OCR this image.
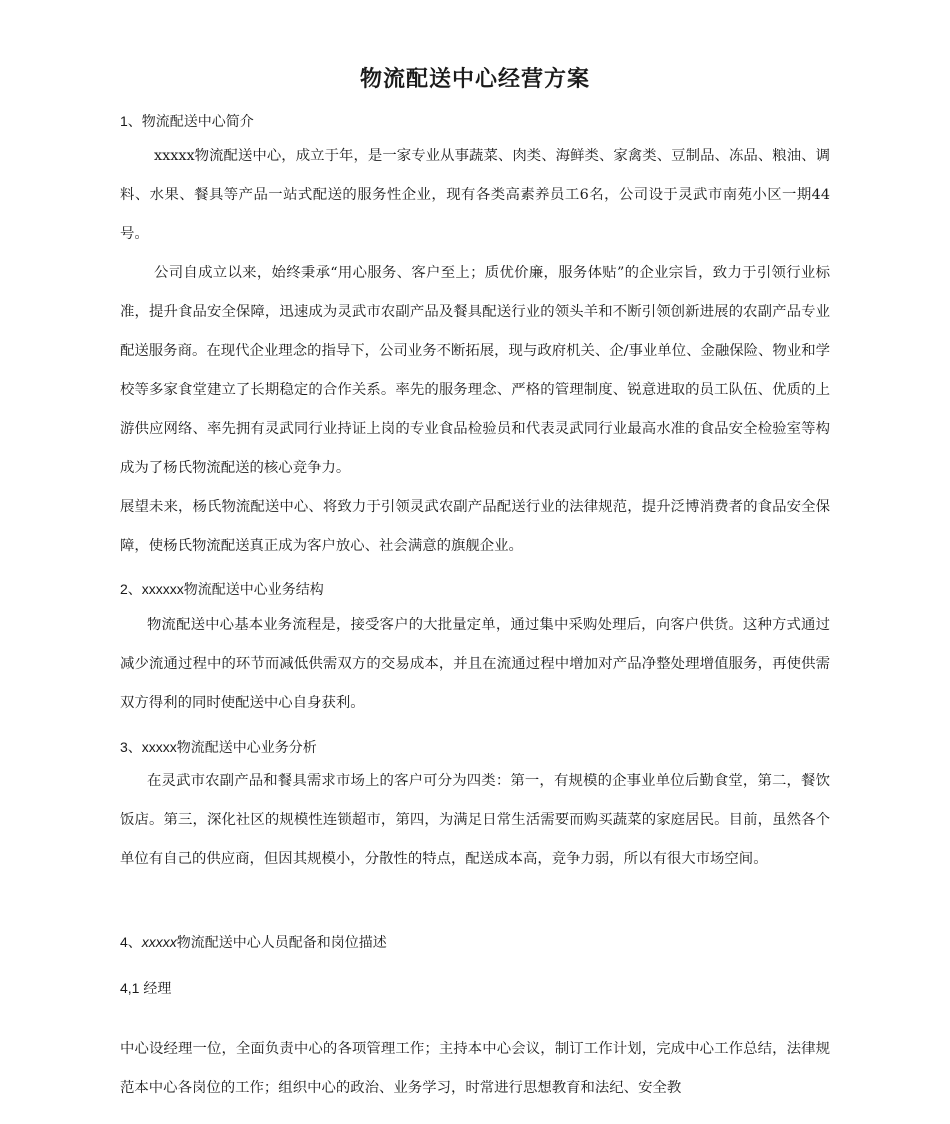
物流配送中心经营方案

1、物流配送中心简介

xxxxx物流配送中心，成立于年，是一家专业从事蔬菜、肉类、海鲜类、家禽类、豆制品、冻品、粮油、调料、水果、餐具等产品一站式配送的服务性企业，现有各类高素养员工6名，公司设于灵武市南苑小区一期44号。

公司自成立以来，始终秉承“用心服务、客户至上；质优价廉，服务体贴”的企业宗旨，致力于引领行业标准，提升食品安全保障，迅速成为灵武市农副产品及餐具配送行业的领头羊和不断引领创新进展的农副产品专业配送服务商。在现代企业理念的指导下，公司业务不断拓展，现与政府机关、企/事业单位、金融保险、物业和学校等多家食堂建立了长期稳定的合作关系。率先的服务理念、严格的管理制度、锐意进取的员工队伍、优质的上游供应网络、率先拥有灵武同行业持证上岗的专业食品检验员和代表灵武同行业最高水准的食品安全检验室等构成为了杨氏物流配送的核心竞争力。

展望未来，杨氏物流配送中心、将致力于引领灵武农副产品配送行业的法律规范，提升泛博消费者的食品安全保障，使杨氏物流配送真正成为客户放心、社会满意的旗舰企业。

2、xxxxxx物流配送中心业务结构

物流配送中心基本业务流程是，接受客户的大批量定单，通过集中采购处理后，向客户供货。这种方式通过减少流通过程中的环节而减低供需双方的交易成本，并且在流通过程中增加对产品净整处理增值服务，再使供需双方得利的同时使配送中心自身获利。

3、xxxxx物流配送中心业务分析

在灵武市农副产品和餐具需求市场上的客户可分为四类：第一，有规模的企事业单位后勤食堂，第二，餐饮饭店。第三，深化社区的规模性连锁超市，第四，为满足日常生活需要而购买蔬菜的家庭居民。目前，虽然各个单位有自己的供应商，但因其规模小，分散性的特点，配送成本高，竞争力弱，所以有很大市场空间。

4、xxxxx物流配送中心人员配备和岗位描述

4,1 经理

中心设经理一位，全面负责中心的各项管理工作；主持本中心会议，制订工作计划，完成中心工作总结，法律规范本中心各岗位的工作；组织中心的政治、业务学习，时常进行思想教育和法纪、安全教
